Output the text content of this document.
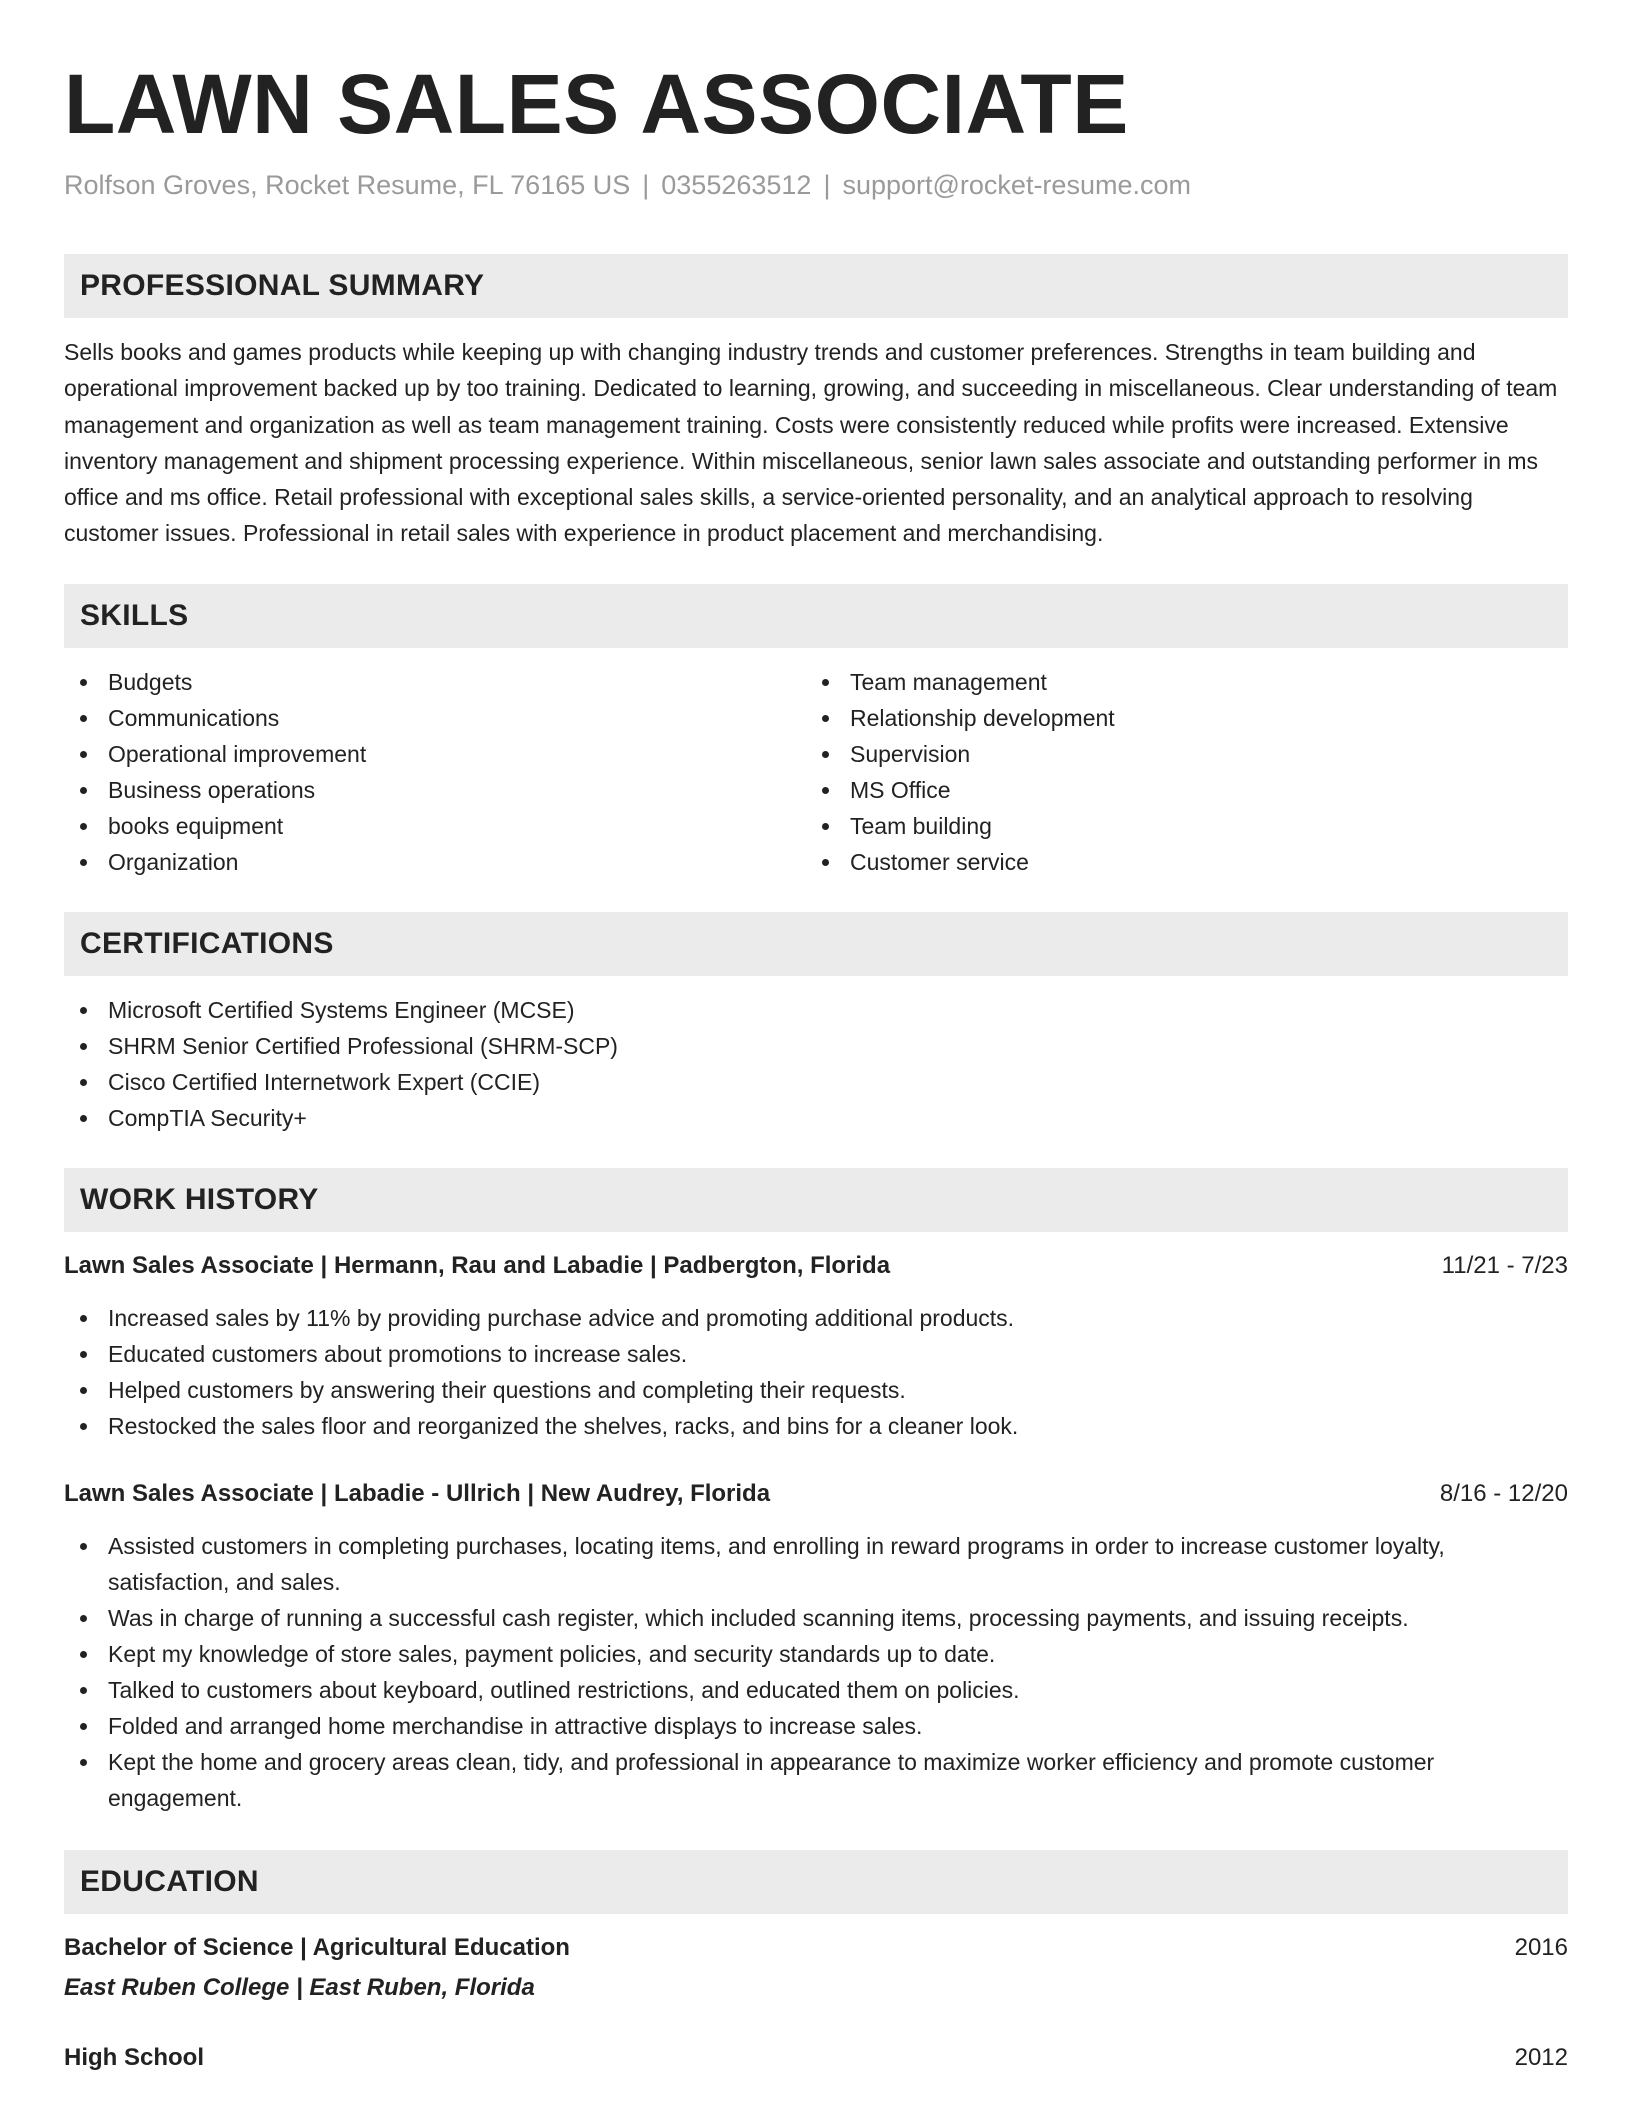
LAWN SALES ASSOCIATE
Rolfson Groves, Rocket Resume, FL 76165 US | 0355263512 | support@rocket-resume.com
PROFESSIONAL SUMMARY

Sells books and games products while keeping up with changing industry trends and customer preferences. Strengths in team building and operational improvement backed up by too training. Dedicated to learning, growing, and succeeding in miscellaneous. Clear understanding of team management and organization as well as team management training. Costs were consistently reduced while profits were increased. Extensive inventory management and shipment processing experience. Within miscellaneous, senior lawn sales associate and outstanding performer in ms office and ms office. Retail professional with exceptional sales skills, a service-oriented personality, and an analytical approach to resolving customer issues. Professional in retail sales with experience in product placement and merchandising.

SKILLS
Budgets
Communications
Operational improvement
Business operations
books equipment
Organization
Team management
Relationship development
Supervision
MS Office
Team building
Customer service
CERTIFICATIONS
Microsoft Certified Systems Engineer (MCSE)
SHRM Senior Certified Professional (SHRM-SCP)
Cisco Certified Internetwork Expert (CCIE)
CompTIA Security+
WORK HISTORY
Lawn Sales Associate | Hermann, Rau and Labadie | Padbergton, Florida	11/21 - 7/23
Increased sales by 11% by providing purchase advice and promoting additional products.
Educated customers about promotions to increase sales.
Helped customers by answering their questions and completing their requests.
Restocked the sales floor and reorganized the shelves, racks, and bins for a cleaner look.
Lawn Sales Associate | Labadie - Ullrich | New Audrey, Florida	8/16 - 12/20
Assisted customers in completing purchases, locating items, and enrolling in reward programs in order to increase customer loyalty, satisfaction, and sales.
Was in charge of running a successful cash register, which included scanning items, processing payments, and issuing receipts.
Kept my knowledge of store sales, payment policies, and security standards up to date.
Talked to customers about keyboard, outlined restrictions, and educated them on policies.
Folded and arranged home merchandise in attractive displays to increase sales.
Kept the home and grocery areas clean, tidy, and professional in appearance to maximize worker efficiency and promote customer engagement.
EDUCATION
Bachelor of Science | Agricultural Education	2016
East Ruben College | East Ruben, Florida
High School	2012
